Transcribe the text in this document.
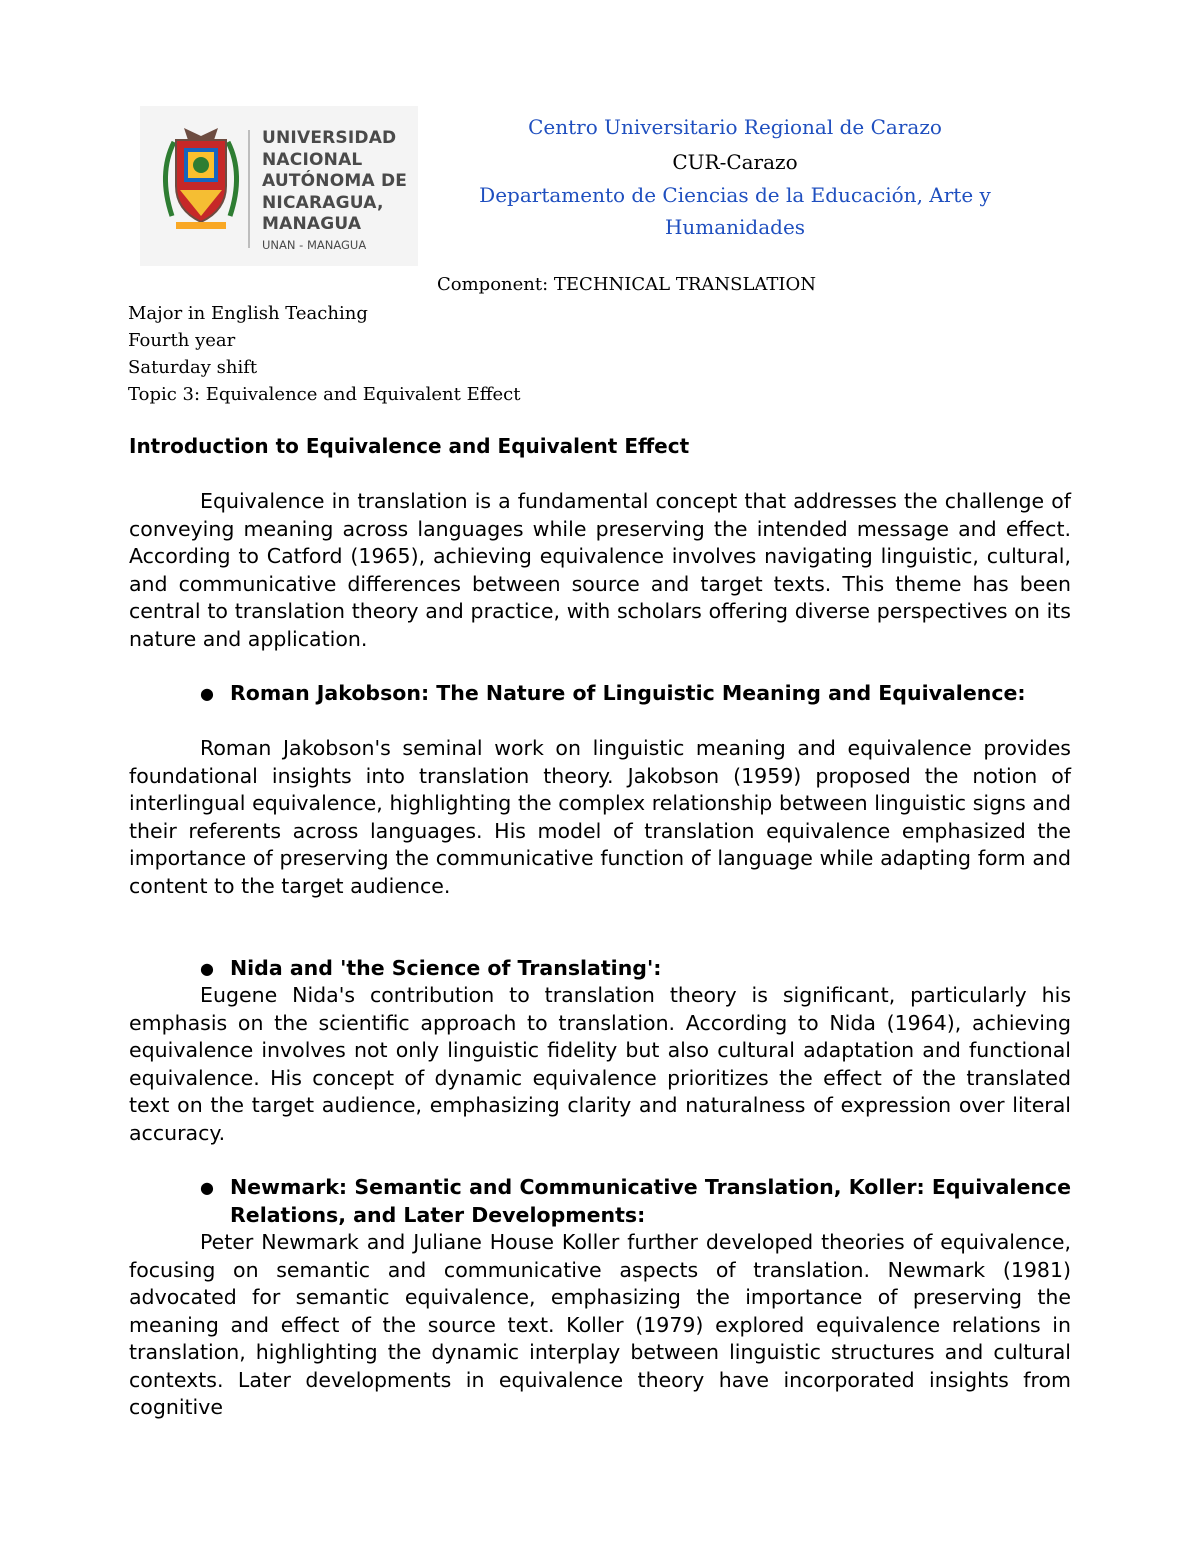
UNIVERSIDAD
NACIONAL
AUTÓNOMA DE
NICARAGUA,
MANAGUA
UNAN - MANAGUA
Centro Universitario Regional de Carazo
CUR-Carazo
Departamento de Ciencias de la Educación, Arte y
Humanidades
Component: TECHNICAL TRANSLATION
Major in English Teaching
Fourth year
Saturday shift
Topic 3: Equivalence and Equivalent Effect
Introduction to Equivalence and Equivalent Effect

Equivalence in translation is a fundamental concept that addresses the challenge of conveying meaning across languages while preserving the intended message and effect. According to Catford (1965), achieving equivalence involves navigating linguistic, cultural, and communicative differences between source and target texts. This theme has been central to translation theory and practice, with scholars offering diverse perspectives on its nature and application.

● Roman Jakobson: The Nature of Linguistic Meaning and Equivalence:

Roman Jakobson's seminal work on linguistic meaning and equivalence provides foundational insights into translation theory. Jakobson (1959) proposed the notion of interlingual equivalence, highlighting the complex relationship between linguistic signs and their referents across languages. His model of translation equivalence emphasized the importance of preserving the communicative function of language while adapting form and content to the target audience.

● Nida and 'the Science of Translating':

Eugene Nida's contribution to translation theory is significant, particularly his emphasis on the scientific approach to translation. According to Nida (1964), achieving equivalence involves not only linguistic fidelity but also cultural adaptation and functional equivalence. His concept of dynamic equivalence prioritizes the effect of the translated text on the target audience, emphasizing clarity and naturalness of expression over literal accuracy.

● Newmark: Semantic and Communicative Translation, Koller: Equivalence Relations, and Later Developments:

Peter Newmark and Juliane House Koller further developed theories of equivalence, focusing on semantic and communicative aspects of translation. Newmark (1981) advocated for semantic equivalence, emphasizing the importance of preserving the meaning and effect of the source text. Koller (1979) explored equivalence relations in translation, highlighting the dynamic interplay between linguistic structures and cultural contexts. Later developments in equivalence theory have incorporated insights from cognitive
